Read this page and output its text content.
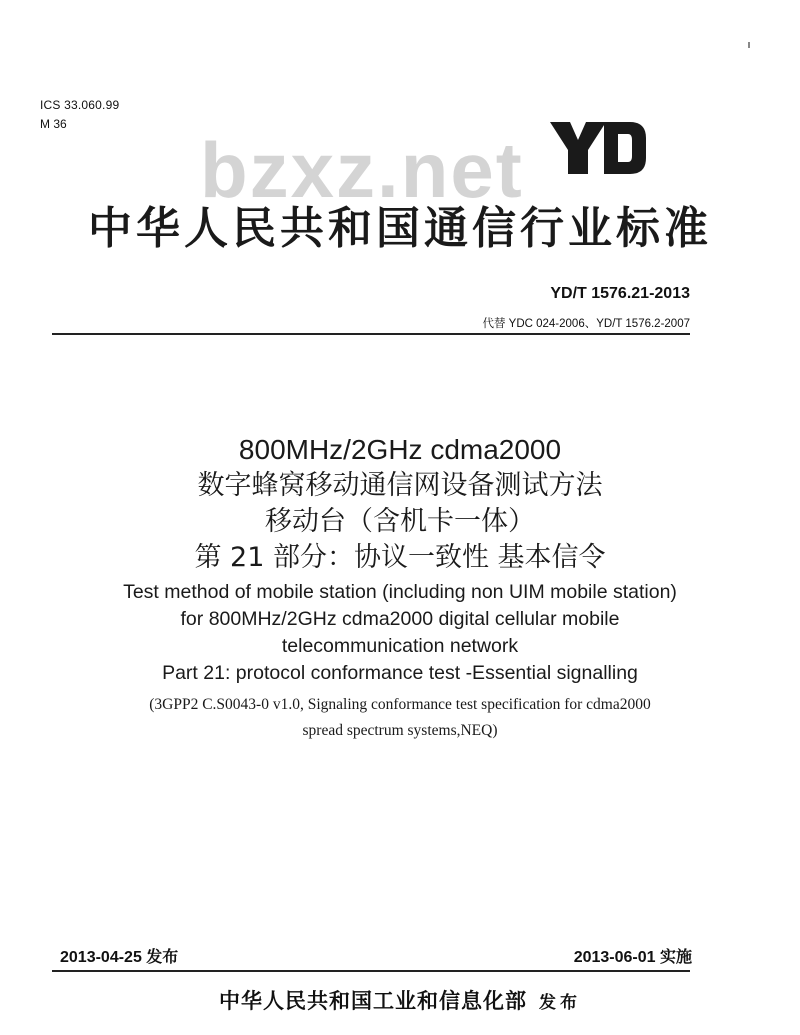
ICS 33.060.99
M 36
bzxz.net
中华人民共和国通信行业标准
YD/T 1576.21-2013
代替 YDC 024-2006、YD/T 1576.2-2007
800MHz/2GHz cdma2000
数字蜂窝移动通信网设备测试方法
移动台（含机卡一体）
第 21 部分：协议一致性 基本信令
Test method of mobile station (including non UIM mobile station)
for 800MHz/2GHz cdma2000 digital cellular mobile
telecommunication network
Part 21: protocol conformance test -Essential signalling
(3GPP2 C.S0043-0 v1.0, Signaling conformance test specification for cdma2000
spread spectrum systems,NEQ)
2013-04-25 发布	2013-06-01 实施
中华人民共和国工业和信息化部 发布
